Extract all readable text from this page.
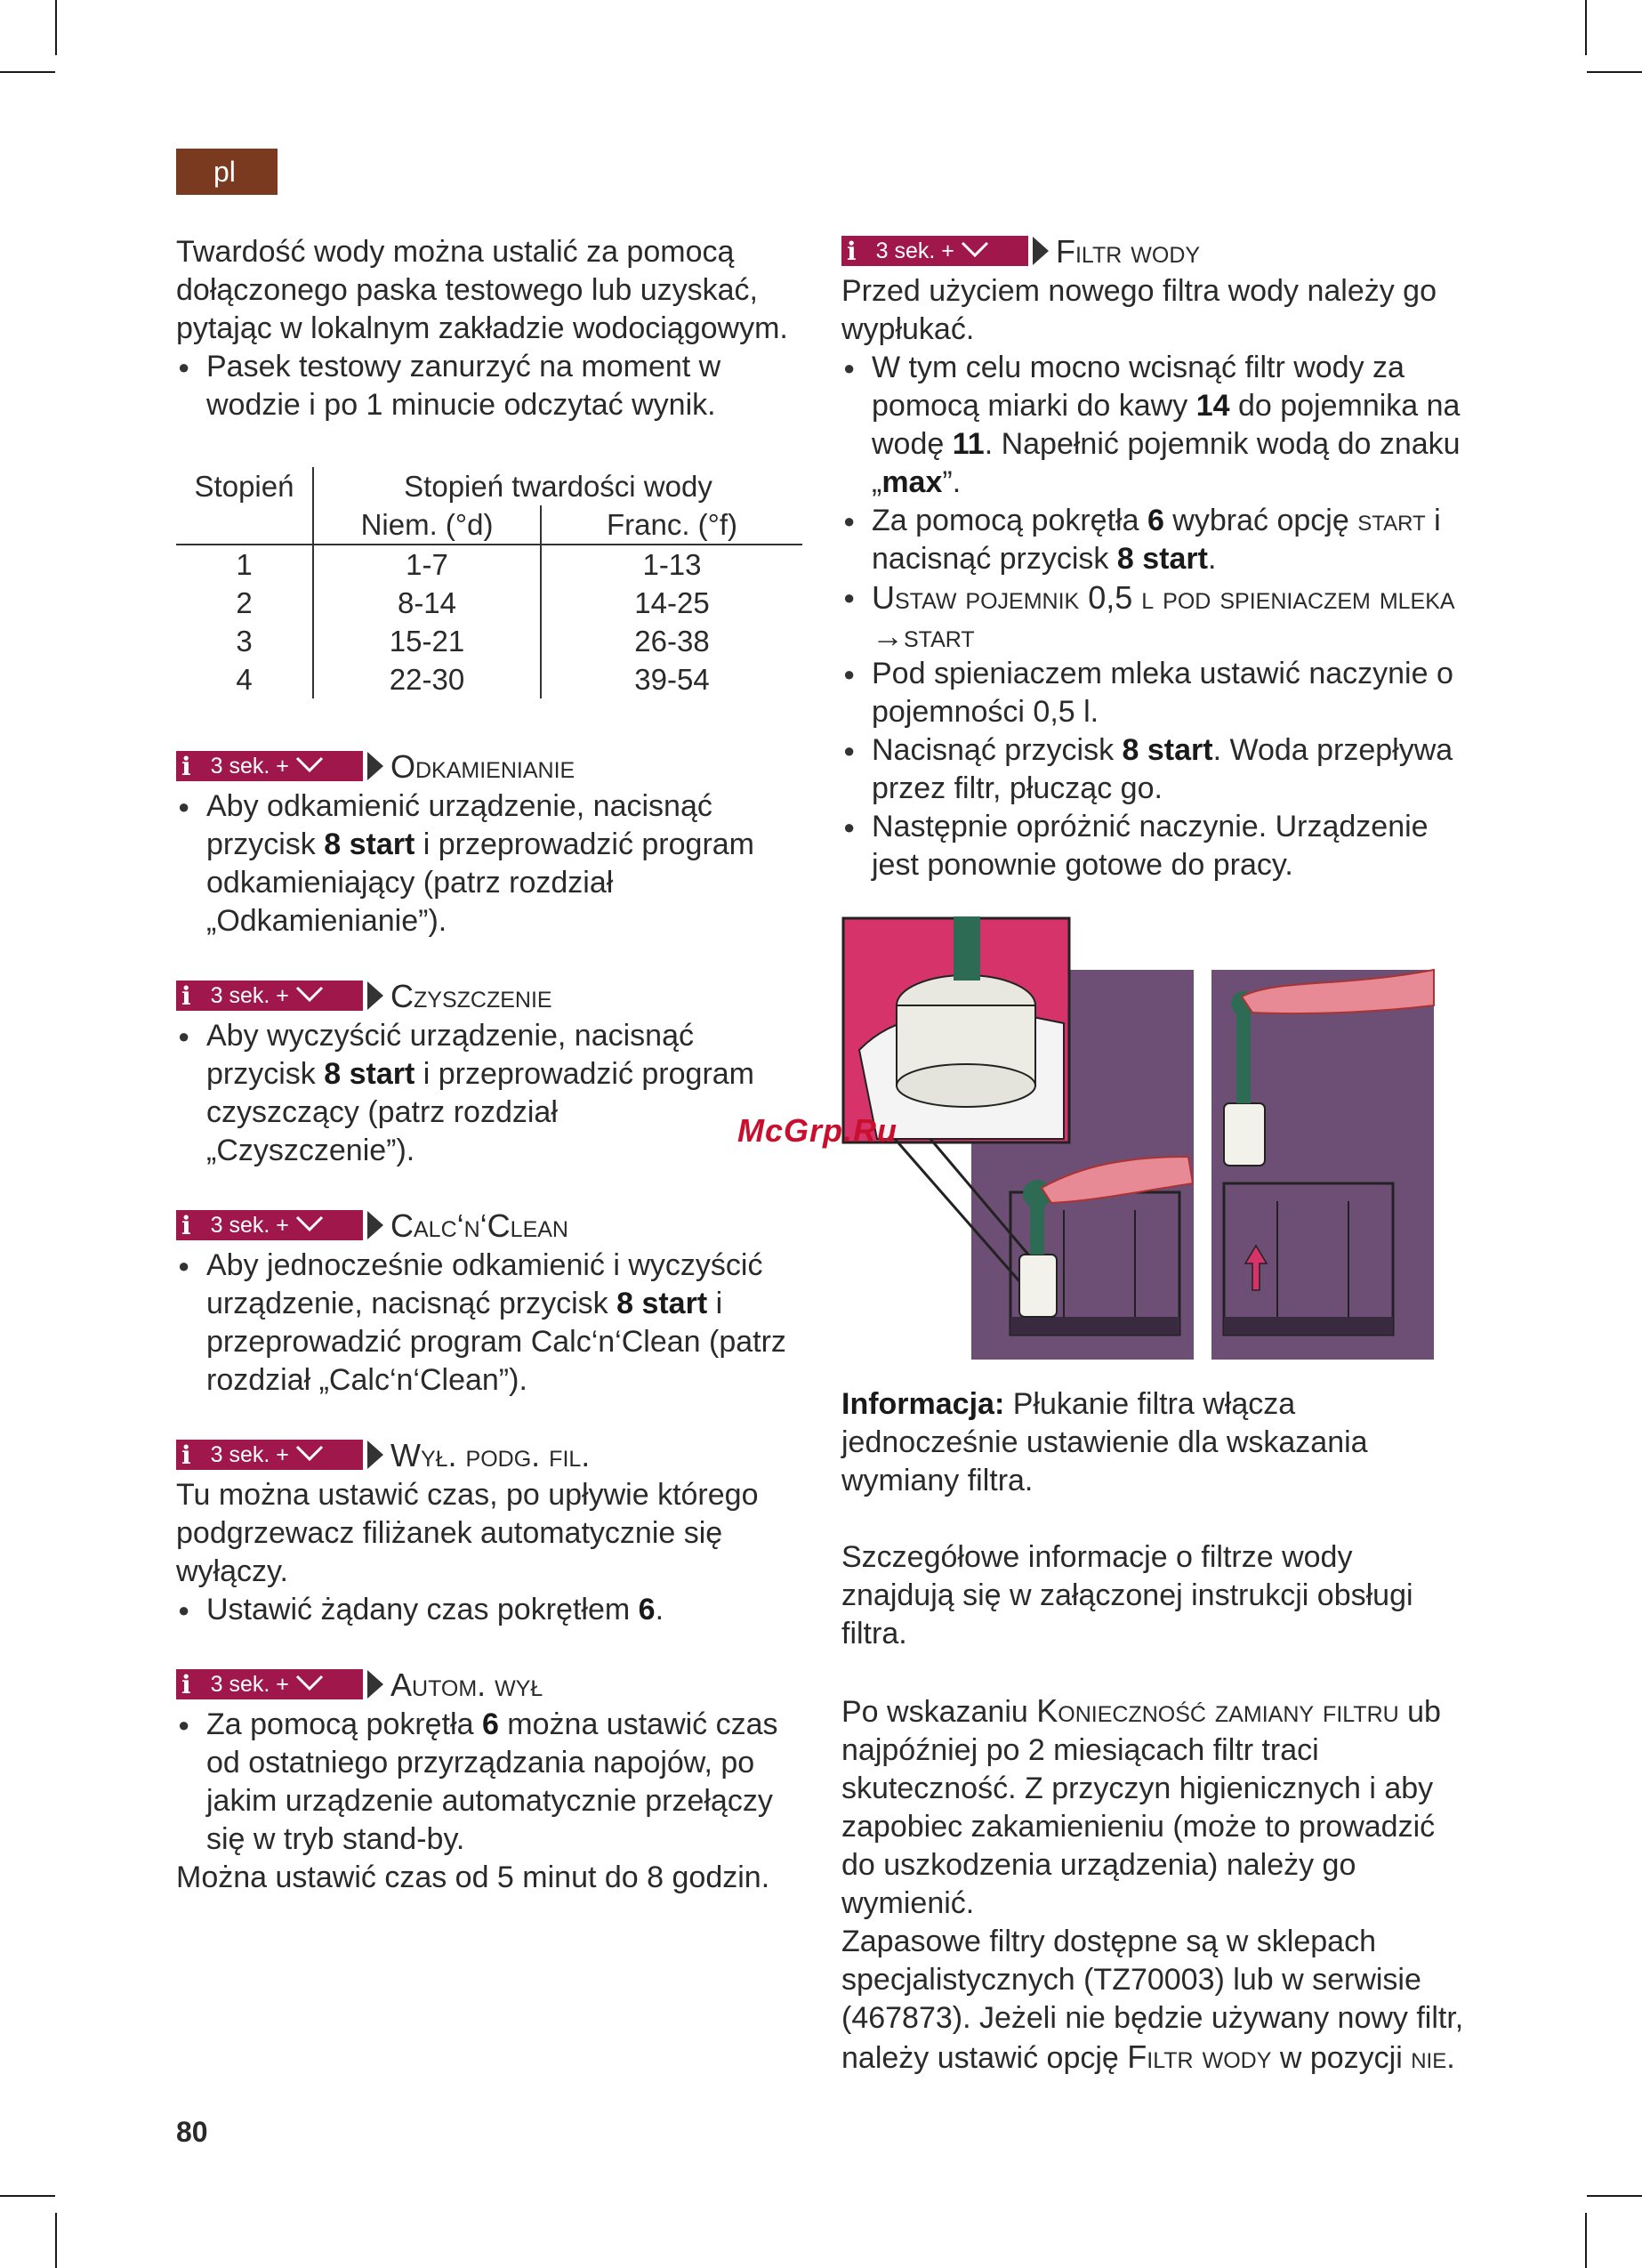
pl

Twardość wody można ustalić za pomocą dołączonego paska testowego lub uzyskać, pytając w lokalnym zakładzie wodociągowym.

● Pasek testowy zanurzyć na moment w wodzie i po 1 minucie odczytać wynik.

Stopień	Stopień twardości wody	
	Niem. (°d)	Franc. (°f)
1	1-7	1-13
2	8-14	14-25
3	15-21	26-38
4	22-30	39-54
i 3 sek. +	Odkamienianie

● Aby odkamienić urządzenie, nacisnąć przycisk 8 start i przeprowadzić program odkamieniający (patrz rozdział „Odkamienianie”).

i 3 sek. +	Czyszczenie

● Aby wyczyścić urządzenie, nacisnąć przycisk 8 start i przeprowadzić program czyszczący (patrz rozdział „Czyszczenie”).

i 3 sek. +	Calc‘n‘Clean

● Aby jednocześnie odkamienić i wyczyścić urządzenie, nacisnąć przycisk 8 start i przeprowadzić program Calc‘n‘Clean (patrz rozdział „Calc‘n‘Clean”).

i 3 sek. +	Wył. podg. fil.

Tu można ustawić czas, po upływie którego podgrzewacz filiżanek automatycznie się wyłączy.

● Ustawić żądany czas pokrętłem 6.

i 3 sek. +	Autom. wył

● Za pomocą pokrętła 6 można ustawić czas od ostatniego przyrządzania napojów, po jakim urządzenie automatycznie przełączy się w tryb stand-by.

Można ustawić czas od 5 minut do 8 godzin.

i 3 sek. +	Filtr wody

Przed użyciem nowego filtra wody należy go wypłukać.

● W tym celu mocno wcisnąć filtr wody za pomocą miarki do kawy 14 do pojemnika na wodę 11. Napełnić pojemnik wodą do znaku „max”.

● Za pomocą pokrętła 6 wybrać opcję start i nacisnąć przycisk 8 start.

● Ustaw pojemnik 0,5 l pod spieniaczem mleka →start

● Pod spieniaczem mleka ustawić naczynie o pojemności 0,5 l.

● Nacisnąć przycisk 8 start. Woda przepływa przez filtr, płucząc go.

● Następnie opróżnić naczynie. Urządzenie jest ponownie gotowe do pracy.

McGrp.Ru

Informacja: Płukanie filtra włącza jednocześnie ustawienie dla wskazania wymiany filtra.

Szczegółowe informacje o filtrze wody znajdują się w załączonej instrukcji obsługi filtra.

Po wskazaniu Konieczność zamiany filtru ub najpóźniej po 2 miesiącach filtr traci skuteczność. Z przyczyn higienicznych i aby zapobiec zakamienieniu (może to prowadzić do uszkodzenia urządzenia) należy go wymienić.

Zapasowe filtry dostępne są w sklepach specjalistycznych (TZ70003) lub w serwisie (467873). Jeżeli nie będzie używany nowy filtr, należy ustawić opcję Filtr wody w pozycji nie.

80
